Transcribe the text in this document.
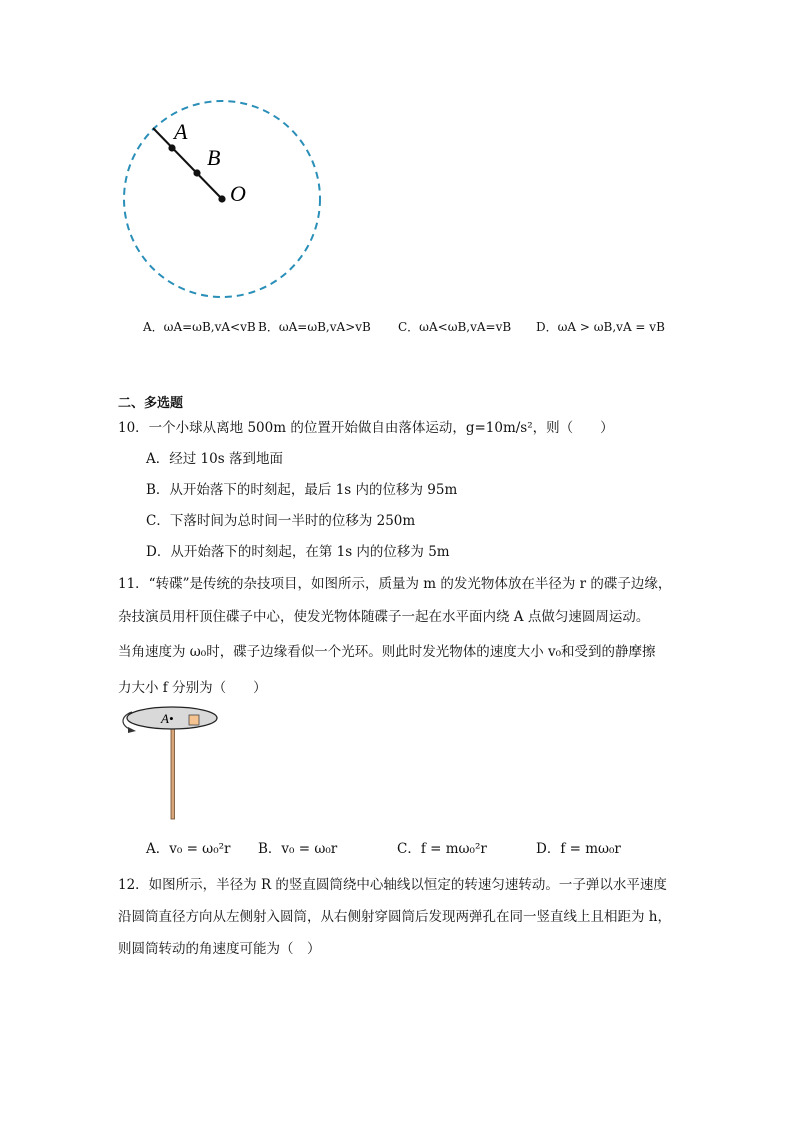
A
B
O
A．ωA=ωB,vA<vB B．ωA=ωB,vA>vB C．ωA<ωB,vA=vB D．ωA > ωB,vA = vB
二、多选题
10．一个小球从离地 500m 的位置开始做自由落体运动，g=10m/s²，则（　　）
A．经过 10s 落到地面
B．从开始落下的时刻起，最后 1s 内的位移为 95m
C．下落时间为总时间一半时的位移为 250m
D．从开始落下的时刻起，在第 1s 内的位移为 5m
11．“转碟”是传统的杂技项目，如图所示，质量为 m 的发光物体放在半径为 r 的碟子边缘，
杂技演员用杆顶住碟子中心，使发光物体随碟子一起在水平面内绕 A 点做匀速圆周运动。
当角速度为 ω₀时，碟子边缘看似一个光环。则此时发光物体的速度大小 v₀和受到的静摩擦
力大小 f 分别为（　　）
A•
A．v₀ = ω₀²r B．v₀ = ω₀r	C．f = mω₀²r	D．f = mω₀r
12．如图所示，半径为 R 的竖直圆筒绕中心轴线以恒定的转速匀速转动。一子弹以水平速度
沿圆筒直径方向从左侧射入圆筒，从右侧射穿圆筒后发现两弹孔在同一竖直线上且相距为 h，
则圆筒转动的角速度可能为（　）
